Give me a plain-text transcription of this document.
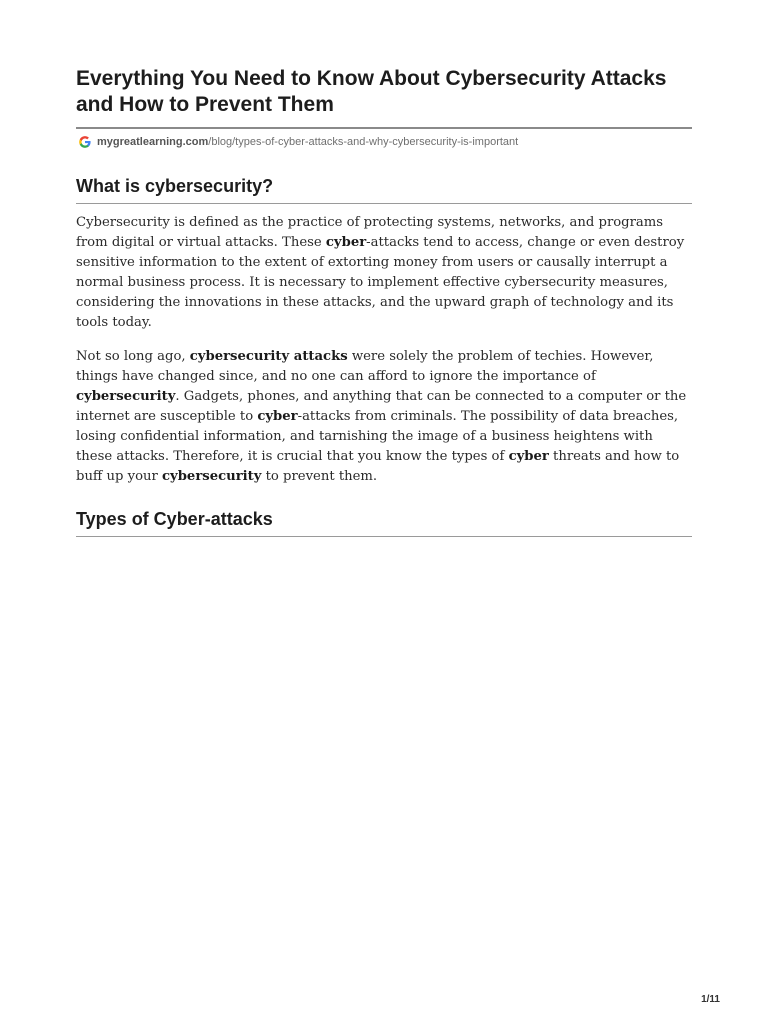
Everything You Need to Know About Cybersecurity Attacks and How to Prevent Them
mygreatlearning.com /blog/types-of-cyber-attacks-and-why-cybersecurity-is-important
What is cybersecurity?

Cybersecurity is defined as the practice of protecting systems, networks, and programs from digital or virtual attacks. These cyber-attacks tend to access, change or even destroy sensitive information to the extent of extorting money from users or causally interrupt a normal business process. It is necessary to implement effective cybersecurity measures, considering the innovations in these attacks, and the upward graph of technology and its tools today.

Not so long ago, cybersecurity attacks were solely the problem of techies. However, things have changed since, and no one can afford to ignore the importance of cybersecurity. Gadgets, phones, and anything that can be connected to a computer or the internet are susceptible to cyber-attacks from criminals. The possibility of data breaches, losing confidential information, and tarnishing the image of a business heightens with these attacks. Therefore, it is crucial that you know the types of cyber threats and how to buff up your cybersecurity to prevent them.

Types of Cyber-attacks
1/11
